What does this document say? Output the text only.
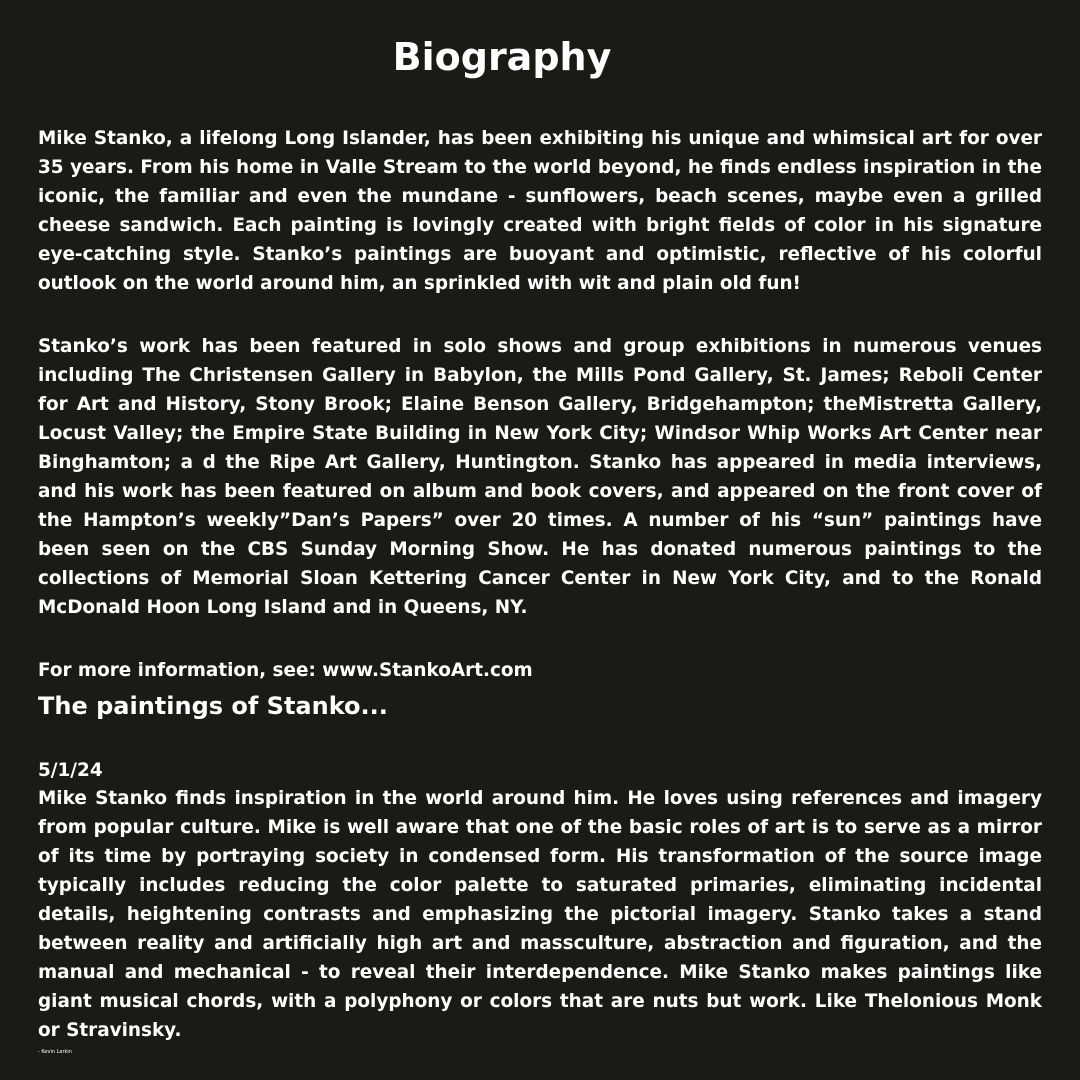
Biography

Mike Stanko, a lifelong Long Islander, has been exhibiting his unique and whimsical art for over 35 years. From his home in Valle Stream to the world beyond, he finds endless inspiration in the iconic, the familiar and even the mundane - sunflowers, beach scenes, maybe even a grilled cheese sandwich. Each painting is lovingly created with bright fields of color in his signature eye-catching style. Stanko’s paintings are buoyant and optimistic, reflective of his colorful outlook on the world around him, an sprinkled with wit and plain old fun!

Stanko’s work has been featured in solo shows and group exhibitions in numerous venues including The Christensen Gallery in Babylon, the Mills Pond Gallery, St. James; Reboli Center for Art and History, Stony Brook; Elaine Benson Gallery, Bridgehampton; theMistretta Gallery, Locust Valley; the Empire State Building in New York City; Windsor Whip Works Art Center near Binghamton; a d the Ripe Art Gallery, Huntington. Stanko has appeared in media interviews, and his work has been featured on album and book covers, and appeared on the front cover of the Hampton’s weekly”Dan’s Papers” over 20 times. A number of his “sun” paintings have been seen on the CBS Sunday Morning Show. He has donated numerous paintings to the collections of Memorial Sloan Kettering Cancer Center in New York City, and to the Ronald McDonald Hoon Long Island and in Queens, NY.

For more information, see: www.StankoArt.com

The paintings of Stanko...

5/1/24

Mike Stanko finds inspiration in the world around him. He loves using references and imagery from popular culture. Mike is well aware that one of the basic roles of art is to serve as a mirror of its time by portraying society in condensed form. His transformation of the source image typically includes reducing the color palette to saturated primaries, eliminating incidental details, heightening contrasts and emphasizing the pictorial imagery. Stanko takes a stand between reality and artificially high art and massculture, abstraction and figuration, and the manual and mechanical - to reveal their interdependence. Mike Stanko makes paintings like giant musical chords, with a polyphony or colors that are nuts but work. Like Thelonious Monk or Stravinsky.

- Kevin Larkin
